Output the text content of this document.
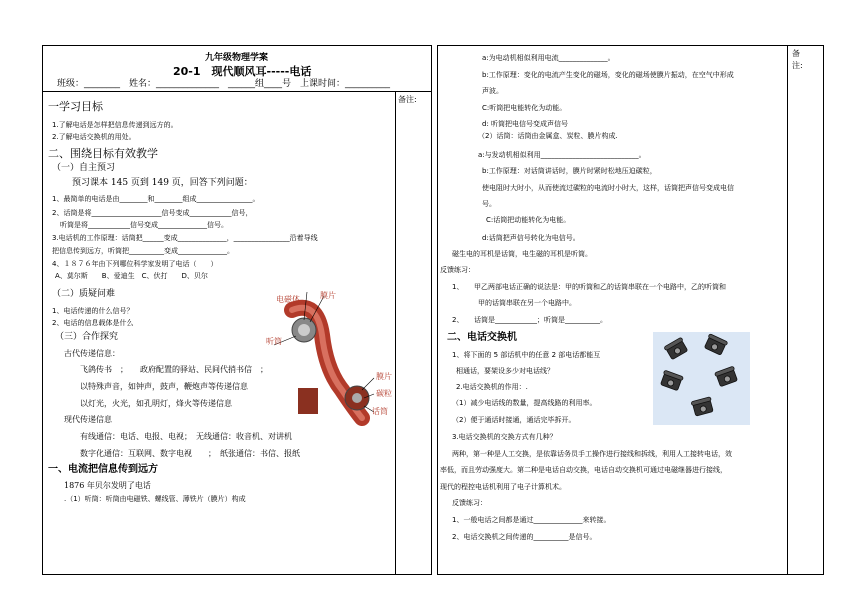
九年级物理学案
20-1　现代顺风耳-----电话
班级：________　姓名：______________　______组____号　上课时间：__________
备注:
一学习目标
1.了解电话是怎样把信息传递到远方的。
2.了解电话交换机的用处。
二、围绕目标有效教学
（一）自主预习
预习课本 145 页到 149 页，回答下列问题：
1、最简单的电话是由________和________组成________________。
2、话筒是将____________________信号变成____________信号，
听筒是将____________信号变成______________信号。
3.电话机的工作原理：话筒把______变成______________，________________沿着导线
把信息传到远方，听筒把__________变成______________。
4、１８７６年由下列哪位科学家发明了电话（　　）
A、莫尔斯　　B、爱迪生　C、伏打　　D、贝尔
（二）质疑问难
1、电话传递的什么信号？
2、电话的信息载体是什么
（三）合作探究
古代传递信息：
飞鸽传书　；　　政府配置的驿站、民间代捎书信　；
以特殊声音，如钟声，鼓声，鞭炮声等传递信息
以灯光，火光，如孔明灯，烽火等传递信息
现代传递信息
有线通信：电话、电报、电视；　无线通信：收音机、对讲机
数字化通信：互联网、数字电视　　；　纸张通信：书信、报纸
一、电流把信息传到远方
1876 年贝尔发明了电话
.（1）听筒：听筒由电磁铁、螺线管、薄铁片（膜片）构成
电磁体	膜片
听筒
膜片
碳粒
话筒
备
注:
a:为电动机相似利用电流______________。
b:工作原理：变化的电流产生变化的磁场，变化的磁场使膜片振动，在空气中形成
声波。
C:听筒把电能转化为动能。
d: 听筒把电信号变成声信号
（2）话筒：话筒由金属盒、炭粒、膜片构成.
a:与发动机相似利用____________________________。
b:工作原理：对话筒讲话时，膜片时紧时松地压迫碳粒，
使电阻时大时小，从而使流过碳粒的电流时小时大，这样，话筒把声信号变成电信
号。
C:话筒把动能转化为电能。
d:话筒把声信号转化为电信号。
磁生电的耳机是话筒，电生磁的耳机是听筒。
反馈练习：
1、　　甲乙两部电话正确的说法是：甲的听筒和乙的话筒串联在一个电路中，乙的听筒和
甲的话筒串联在另一个电路中。
2、　　话筒是____________；听筒是__________。
二、电话交换机
1、将下面的 5 部话机中的任意 2 部电话都能互
相通话，要架设多少对电话线？
2.电话交换机的作用：.
（1）减少电话线的数量，提高线路的利用率。
（2）便于通话时接通，通话完毕拆开。
3.电话交换机的交换方式有几种？
两种，第一种是人工交换，是依靠话务员手工操作进行接线和拆线，利用人工接转电话，效
率低，而且劳动强度大。第二种是电话自动交换，电话自动交换机可通过电磁继器进行接线，
现代的程控电话机利用了电子计算机术。
反馈练习：
1、一般电话之间都是通过______________来转接。
2、电话交换机之间传递的__________是信号。
